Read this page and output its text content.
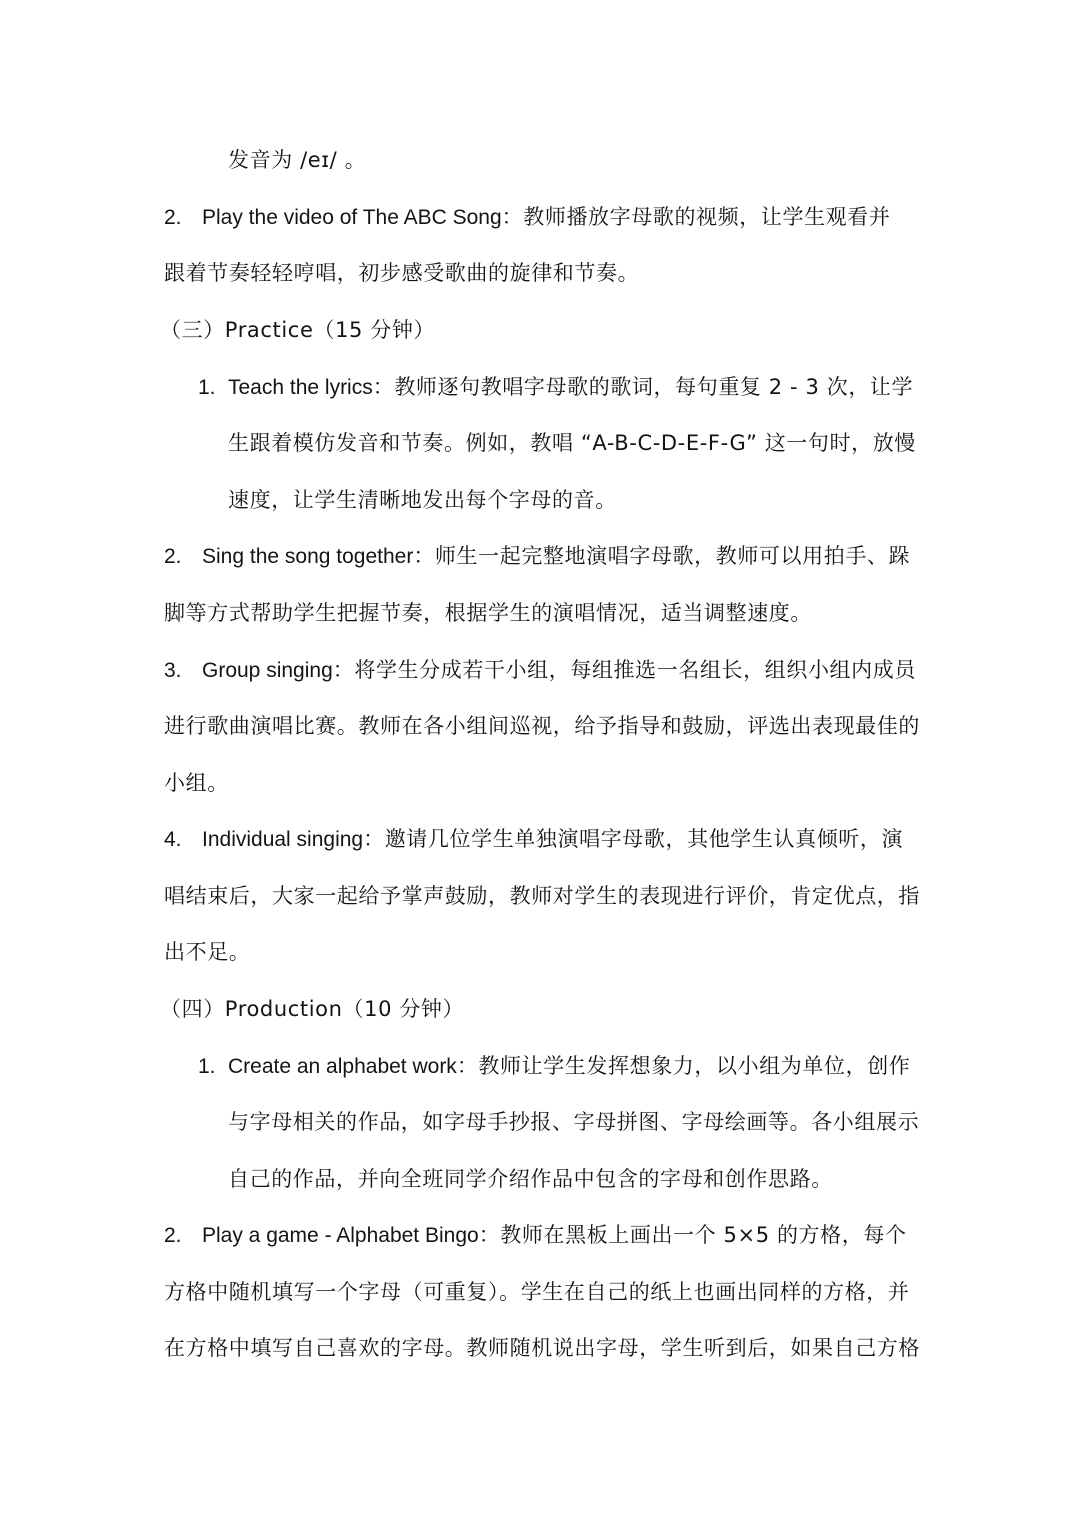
发音为 /eɪ/ 。
2. Play the video of The ABC Song：教师播放字母歌的视频，让学生观看并
跟着节奏轻轻哼唱，初步感受歌曲的旋律和节奏。
（三）Practice（15 分钟）
1. Teach the lyrics：教师逐句教唱字母歌的歌词，每句重复 2 - 3 次，让学
生跟着模仿发音和节奏。例如，教唱 “A-B-C-D-E-F-G” 这一句时，放慢
速度，让学生清晰地发出每个字母的音。
2. Sing the song together：师生一起完整地演唱字母歌，教师可以用拍手、跺
脚等方式帮助学生把握节奏，根据学生的演唱情况，适当调整速度。
3. Group singing：将学生分成若干小组，每组推选一名组长，组织小组内成员
进行歌曲演唱比赛。教师在各小组间巡视，给予指导和鼓励，评选出表现最佳的
小组。
4. Individual singing：邀请几位学生单独演唱字母歌，其他学生认真倾听，演
唱结束后，大家一起给予掌声鼓励，教师对学生的表现进行评价，肯定优点，指
出不足。
（四）Production（10 分钟）
1. Create an alphabet work：教师让学生发挥想象力，以小组为单位，创作
与字母相关的作品，如字母手抄报、字母拼图、字母绘画等。各小组展示
自己的作品，并向全班同学介绍作品中包含的字母和创作思路。
2. Play a game - Alphabet Bingo：教师在黑板上画出一个 5×5 的方格，每个
方格中随机填写一个字母（可重复）。学生在自己的纸上也画出同样的方格，并
在方格中填写自己喜欢的字母。教师随机说出字母，学生听到后，如果自己方格
